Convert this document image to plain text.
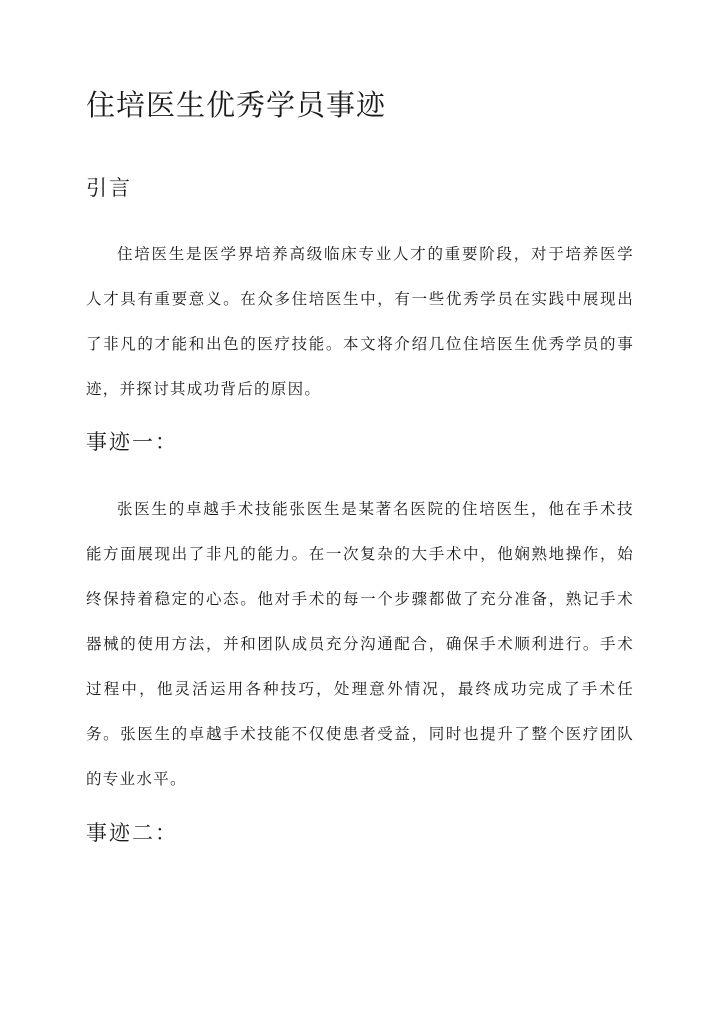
住培医生优秀学员事迹
引言

住培医生是医学界培养高级临床专业人才的重要阶段，对于培养医学人才具有重要意义。在众多住培医生中，有一些优秀学员在实践中展现出了非凡的才能和出色的医疗技能。本文将介绍几位住培医生优秀学员的事迹，并探讨其成功背后的原因。

事迹一：

张医生的卓越手术技能张医生是某著名医院的住培医生，他在手术技能方面展现出了非凡的能力。在一次复杂的大手术中，他娴熟地操作，始终保持着稳定的心态。他对手术的每一个步骤都做了充分准备，熟记手术器械的使用方法，并和团队成员充分沟通配合，确保手术顺利进行。手术过程中，他灵活运用各种技巧，处理意外情况，最终成功完成了手术任务。张医生的卓越手术技能不仅使患者受益，同时也提升了整个医疗团队的专业水平。

事迹二：
